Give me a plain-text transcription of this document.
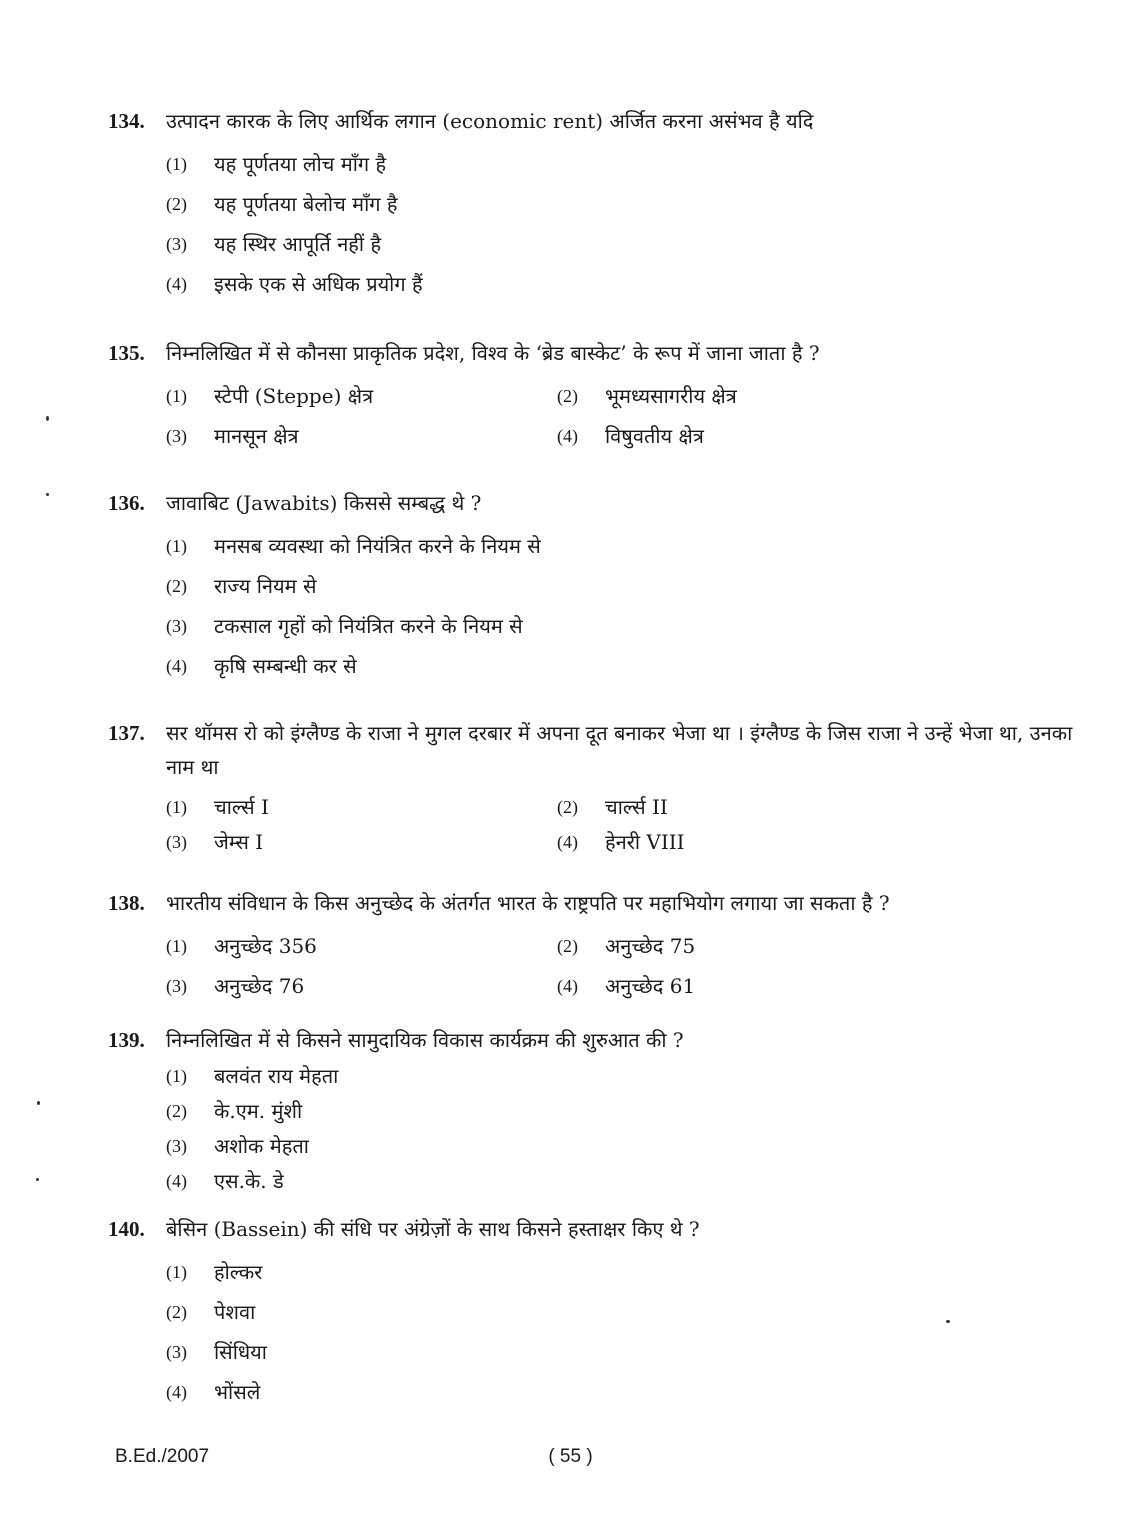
134.	उत्पादन कारक के लिए आर्थिक लगान (economic rent) अर्जित करना असंभव है यदि
(1)	यह पूर्णतया लोच माँग है
(2)	यह पूर्णतया बेलोच माँग है
(3)	यह स्थिर आपूर्ति नहीं है
(4)	इसके एक से अधिक प्रयोग हैं
135.	निम्नलिखित में से कौनसा प्राकृतिक प्रदेश, विश्व के ‘ब्रेड बास्केट’ के रूप में जाना जाता है ?
(1)	स्टेपी (Steppe) क्षेत्र	(2)	भूमध्यसागरीय क्षेत्र
(3)	मानसून क्षेत्र	(4)	विषुवतीय क्षेत्र
136.	जावाबिट (Jawabits) किससे सम्बद्ध थे ?
(1)	मनसब व्यवस्था को नियंत्रित करने के नियम से
(2)	राज्य नियम से
(3)	टकसाल गृहों को नियंत्रित करने के नियम से
(4)	कृषि सम्बन्धी कर से
137.	सर थॉमस रो को इंग्लैण्ड के राजा ने मुगल दरबार में अपना दूत बनाकर भेजा था । इंग्लैण्ड के जिस राजा ने उन्हें भेजा था, उनका नाम था
(1)	चार्ल्स I	(2)	चार्ल्स II
(3)	जेम्स I	(4)	हेनरी VIII
138.	भारतीय संविधान के किस अनुच्छेद के अंतर्गत भारत के राष्ट्रपति पर महाभियोग लगाया जा सकता है ?
(1)	अनुच्छेद 356	(2)	अनुच्छेद 75
(3)	अनुच्छेद 76	(4)	अनुच्छेद 61
139.	निम्नलिखित में से किसने सामुदायिक विकास कार्यक्रम की शुरुआत की ?
(1)	बलवंत राय मेहता
(2)	के.एम. मुंशी
(3)	अशोक मेहता
(4)	एस.के. डे
140.	बेसिन (Bassein) की संधि पर अंग्रेज़ों के साथ किसने हस्ताक्षर किए थे ?
(1)	होल्कर
(2)	पेशवा
(3)	सिंधिया
(4)	भोंसले
B.Ed./2007	( 55 )
